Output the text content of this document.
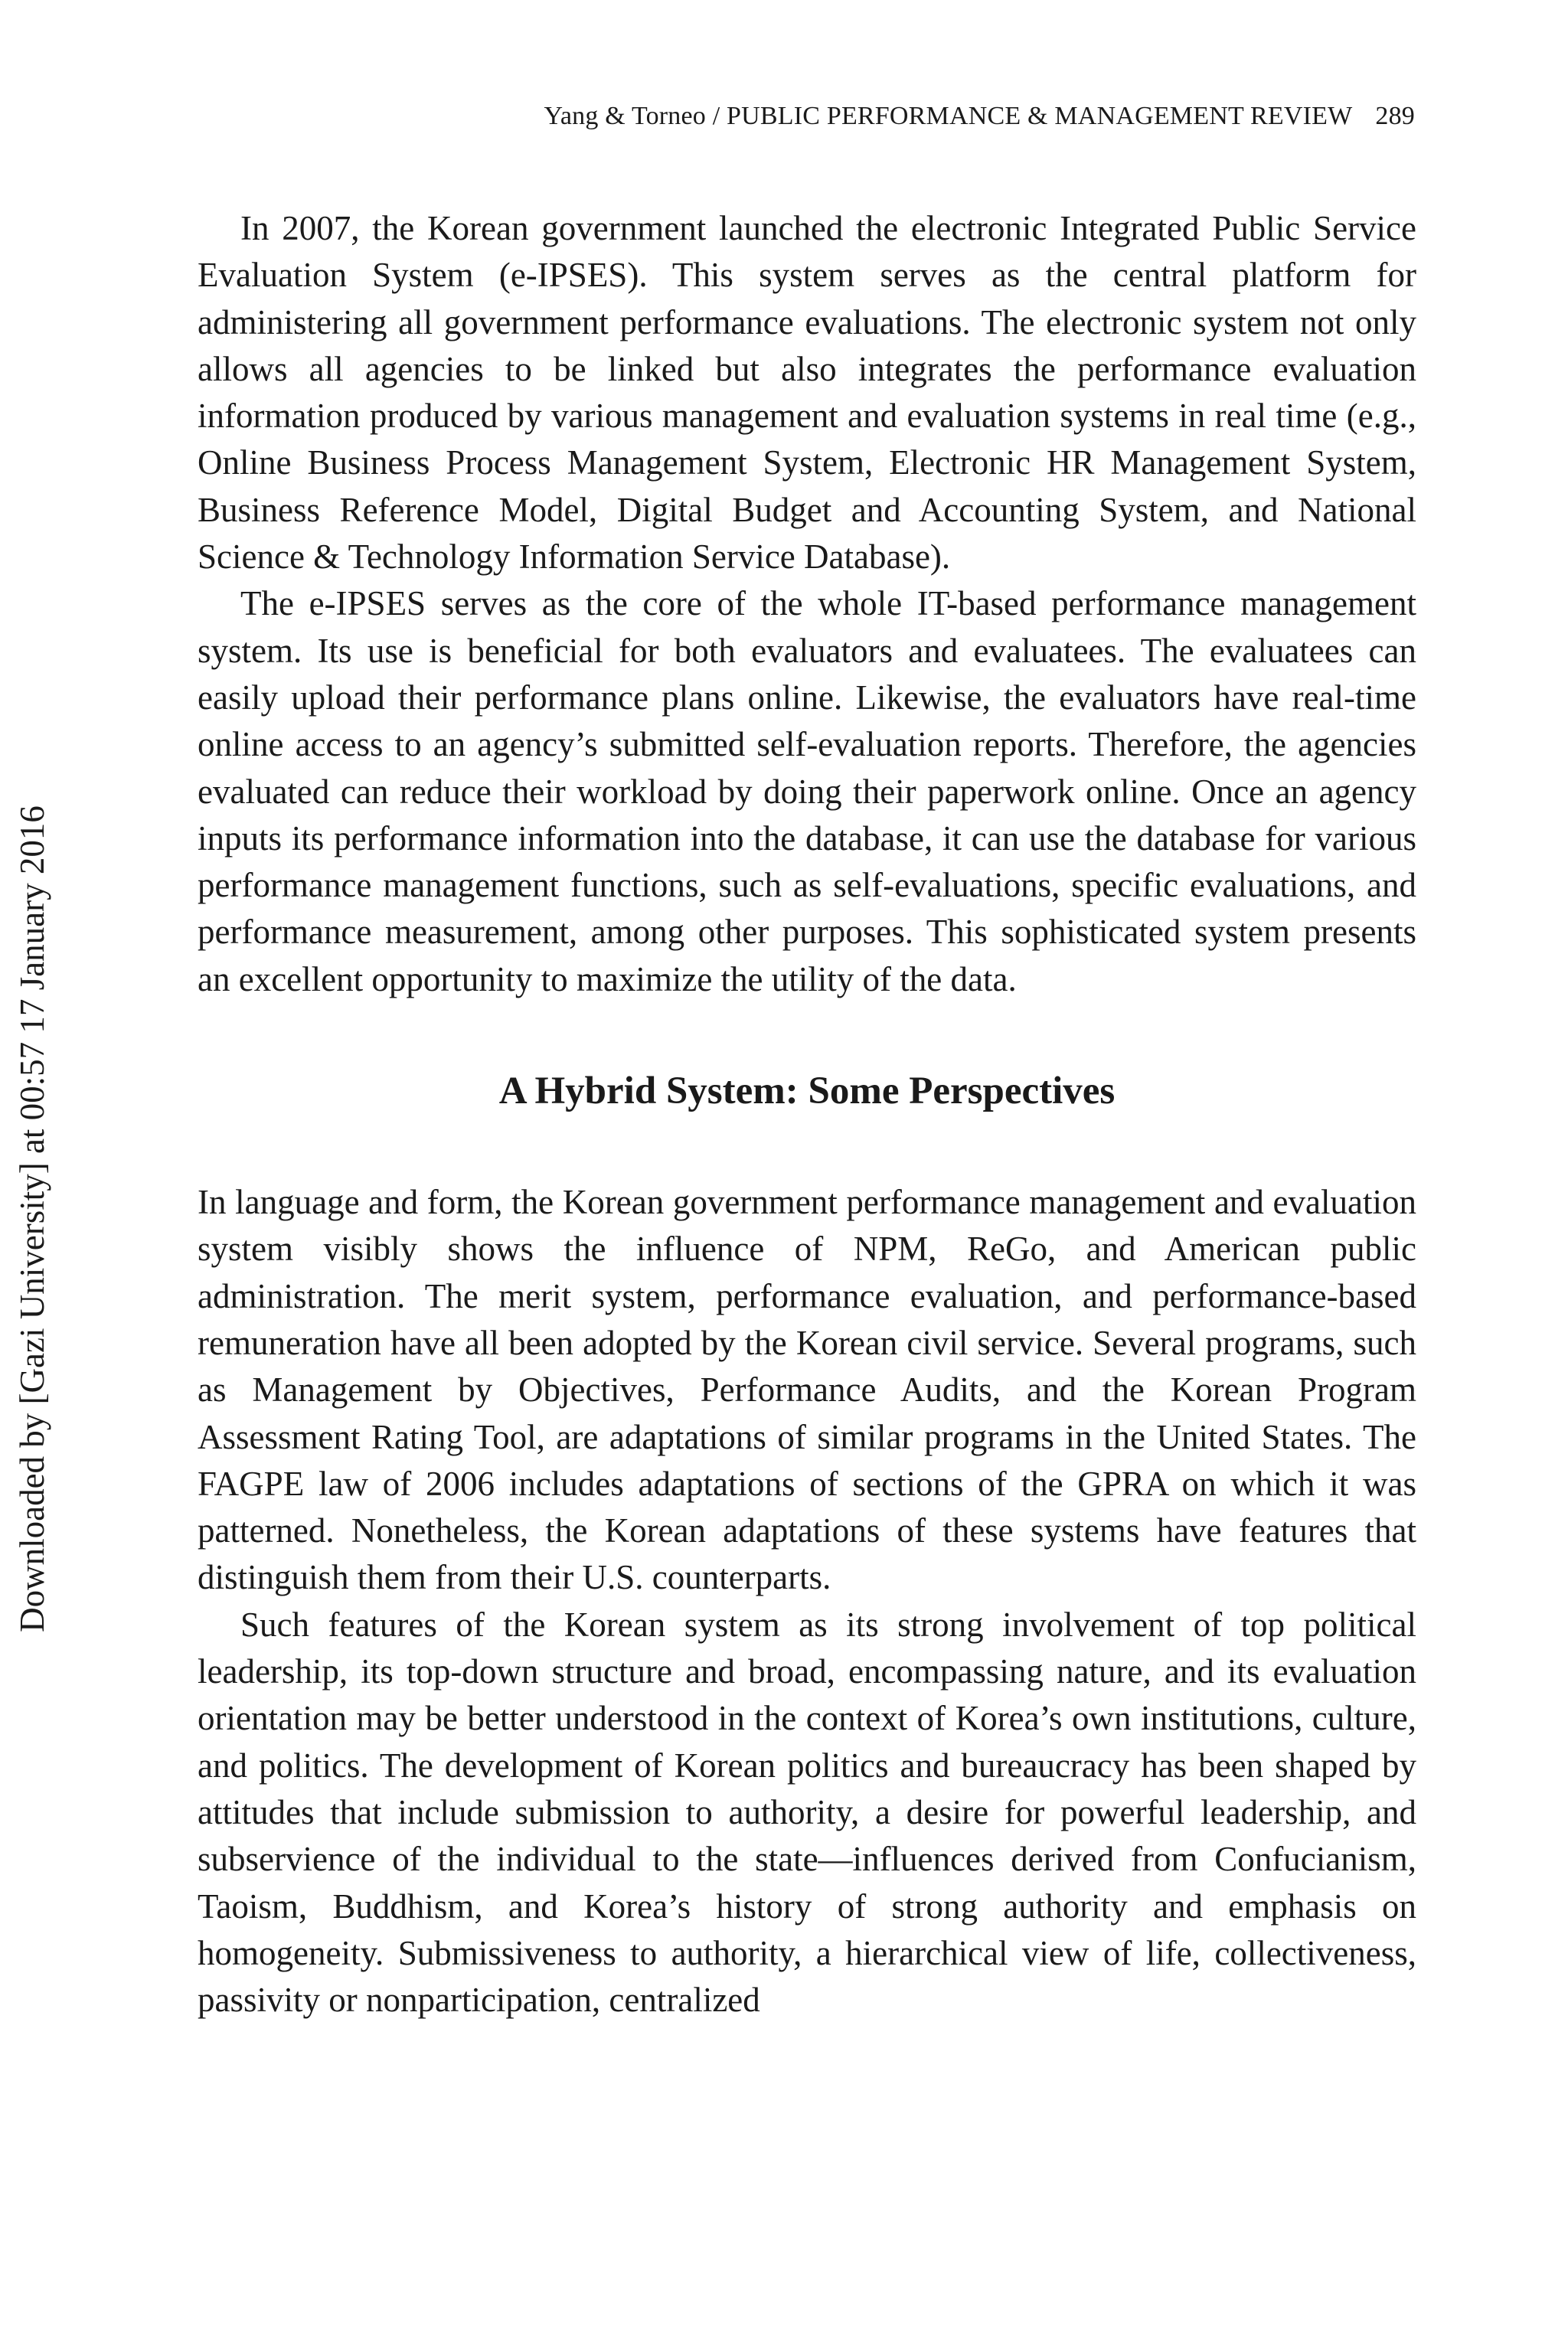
Yang & Torneo / PUBLIC PERFORMANCE & MANAGEMENT REVIEW 289
Downloaded by [Gazi University] at 00:57 17 January 2016

In 2007, the Korean government launched the electronic Integrated Public Service Evaluation System (e-IPSES). This system serves as the central platform for administering all government performance evaluations. The electronic system not only allows all agencies to be linked but also integrates the performance evaluation information produced by various management and evaluation systems in real time (e.g., Online Business Process Management System, Electronic HR Management System, Business Reference Model, Digital Budget and Accounting System, and National Science & Technology Information Service Database).

The e-IPSES serves as the core of the whole IT-based performance management system. Its use is beneficial for both evaluators and evaluatees. The evaluatees can easily upload their performance plans online. Likewise, the evaluators have real-time online access to an agency’s submitted self-evaluation reports. Therefore, the agencies evaluated can reduce their workload by doing their paperwork online. Once an agency inputs its performance information into the database, it can use the database for various performance management functions, such as self-evaluations, specific evaluations, and performance measurement, among other purposes. This sophisticated system presents an excellent opportunity to maximize the utility of the data.

A Hybrid System: Some Perspectives

In language and form, the Korean government performance management and evaluation system visibly shows the influence of NPM, ReGo, and American public administration. The merit system, performance evaluation, and performance-based remuneration have all been adopted by the Korean civil service. Several programs, such as Management by Objectives, Performance Audits, and the Korean Program Assessment Rating Tool, are adaptations of similar programs in the United States. The FAGPE law of 2006 includes adaptations of sections of the GPRA on which it was patterned. Nonetheless, the Korean adaptations of these systems have features that distinguish them from their U.S. counterparts.

Such features of the Korean system as its strong involvement of top political leadership, its top-down structure and broad, encompassing nature, and its evaluation orientation may be better understood in the context of Korea’s own institutions, culture, and politics. The development of Korean politics and bureaucracy has been shaped by attitudes that include submission to authority, a desire for powerful leadership, and subservience of the individual to the state—influences derived from Confucianism, Taoism, Buddhism, and Korea’s history of strong authority and emphasis on homogeneity. Submissiveness to authority, a hierarchical view of life, collectiveness, passivity or nonparticipation, centralized
